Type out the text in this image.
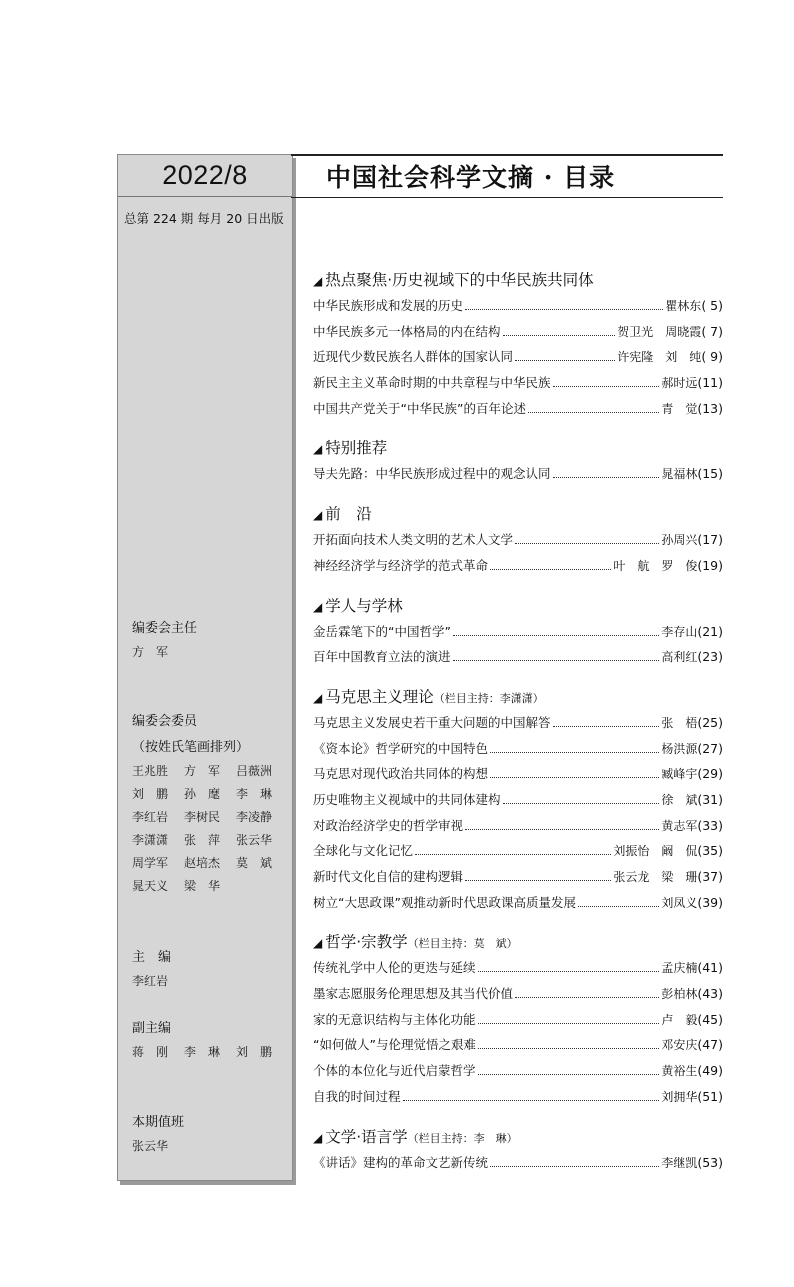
2022/8
总第 224 期 每月 20 日出版
编委会主任
方　军
编委会委员
（按姓氏笔画排列）
王兆胜	方　军	吕薇洲
刘　鹏	孙　麾	李　琳
李红岩	李树民	李凌静
李潇潇	张　萍	张云华
周学军	赵培杰	莫　斌
晁天义	梁　华
主　编
李红岩
副主编
蒋　刚	李　琳	刘　鹏
本期值班
张云华
中国社会科学文摘 · 目录
◢ 热点聚焦·历史视域下的中华民族共同体
中华民族形成和发展的历史	瞿林东 ( 5)
中华民族多元一体格局的内在结构	贺卫光　周晓霞 ( 7)
近现代少数民族名人群体的国家认同	许宪隆　刘　纯 ( 9)
新民主主义革命时期的中共章程与中华民族	郝时远 (11)
中国共产党关于“中华民族”的百年论述	青　觉 (13)
◢ 特别推荐
导夫先路：中华民族形成过程中的观念认同	晁福林 (15)
◢ 前　沿
开拓面向技术人类文明的艺术人文学	孙周兴 (17)
神经经济学与经济学的范式革命	叶　航　罗　俊 (19)
◢ 学人与学林
金岳霖笔下的“中国哲学”	李存山 (21)
百年中国教育立法的演进	高利红 (23)
◢ 马克思主义理论（栏目主持：李潇潇）
马克思主义发展史若干重大问题的中国解答	张　梧 (25)
《资本论》哲学研究的中国特色	杨洪源 (27)
马克思对现代政治共同体的构想	臧峰宇 (29)
历史唯物主义视域中的共同体建构	徐　斌 (31)
对政治经济学史的哲学审视	黄志军 (33)
全球化与文化记忆	刘振怡　阚　侃 (35)
新时代文化自信的建构逻辑	张云龙　梁　珊 (37)
树立“大思政课”观推动新时代思政课高质量发展	刘凤义 (39)
◢ 哲学·宗教学（栏目主持：莫　斌）
传统礼学中人伦的更迭与延续	孟庆楠 (41)
墨家志愿服务伦理思想及其当代价值	彭柏林 (43)
家的无意识结构与主体化功能	卢　毅 (45)
“如何做人”与伦理觉悟之艰难	邓安庆 (47)
个体的本位化与近代启蒙哲学	黄裕生 (49)
自我的时间过程	刘拥华 (51)
◢ 文学·语言学（栏目主持：李　琳）
《讲话》建构的革命文艺新传统	李继凯 (53)
